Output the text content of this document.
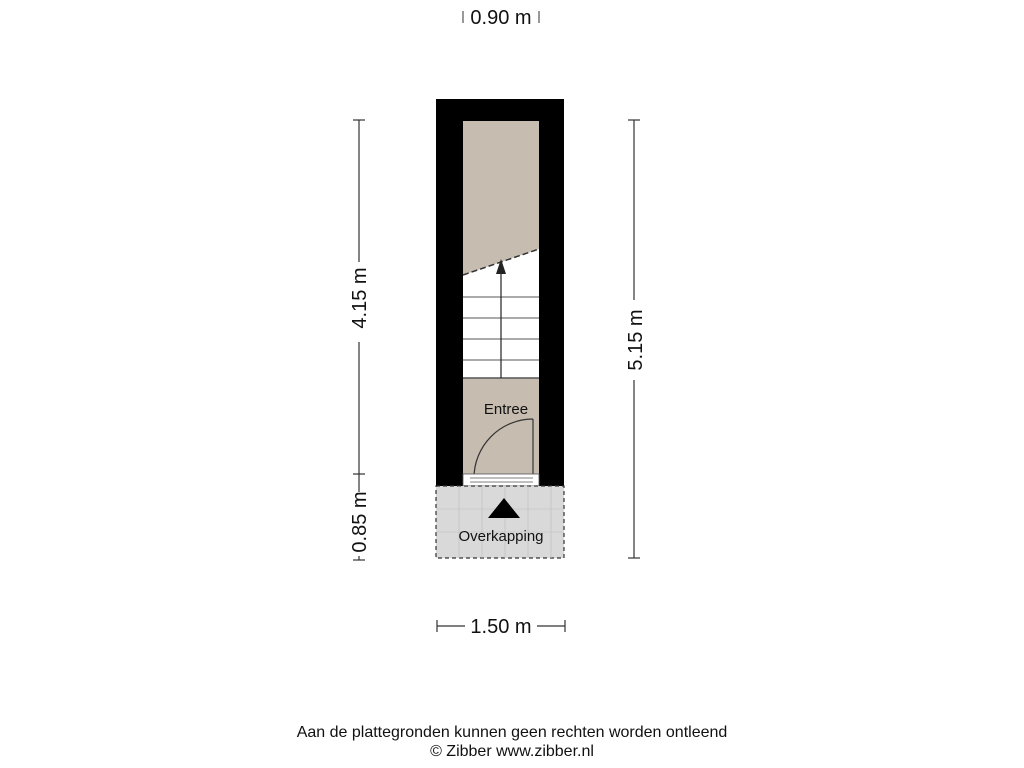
0.90 m
4.15 m
0.85 m
5.15 m
1.50 m
Entree
Overkapping
Aan de plattegronden kunnen geen rechten worden ontleend
© Zibber www.zibber.nl
